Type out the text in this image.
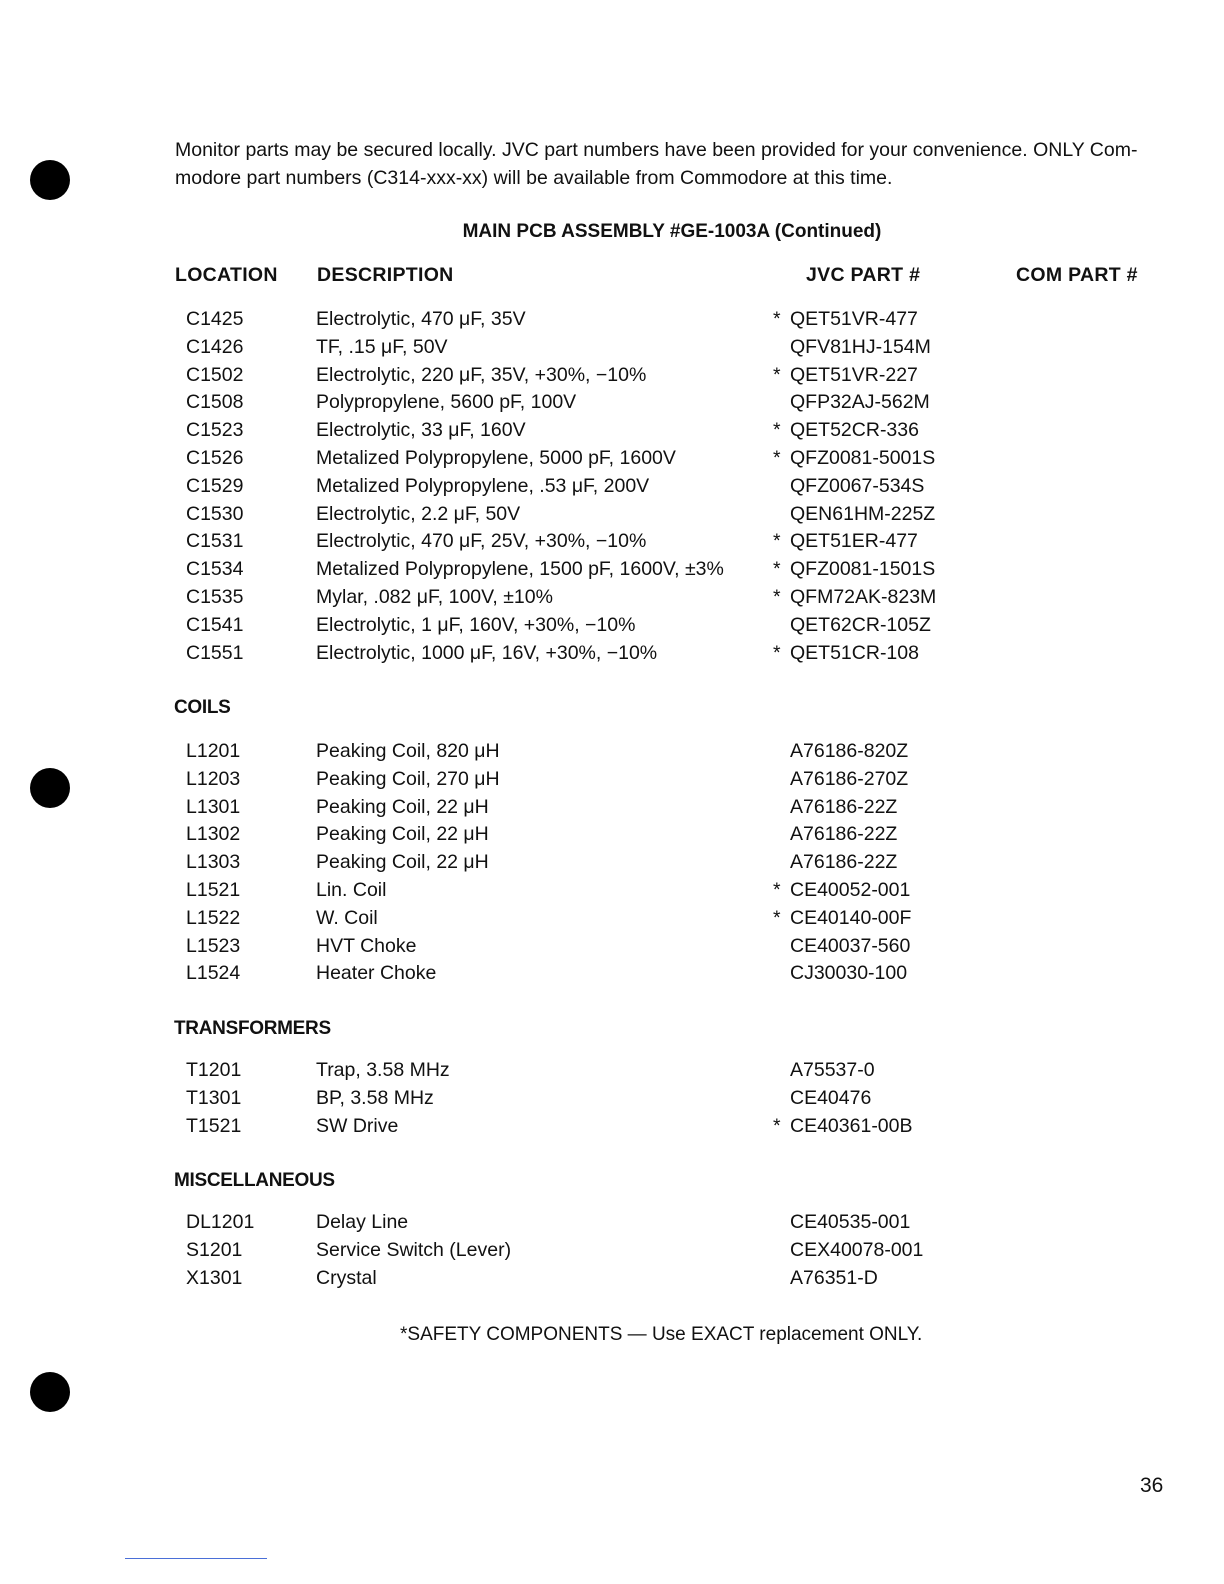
Monitor parts may be secured locally. JVC part numbers have been provided for your convenience. ONLY Com-

modore part numbers (C314-xxx-xx) will be available from Commodore at this time.

MAIN PCB ASSEMBLY #GE-1003A (Continued)
LOCATION DESCRIPTION	JVC PART #	COM PART #
C1425	Electrolytic, 470 μF, 35V	* QET51VR-477
C1426	TF, .15 μF, 50V	QFV81HJ-154M
C1502	Electrolytic, 220 μF, 35V, +30%, −10%	* QET51VR-227
C1508	Polypropylene, 5600 pF, 100V	QFP32AJ-562M
C1523	Electrolytic, 33 μF, 160V	* QET52CR-336
C1526	Metalized Polypropylene, 5000 pF, 1600V	* QFZ0081-5001S
C1529	Metalized Polypropylene, .53 μF, 200V	QFZ0067-534S
C1530	Electrolytic, 2.2 μF, 50V	QEN61HM-225Z
C1531	Electrolytic, 470 μF, 25V, +30%, −10%	* QET51ER-477
C1534	Metalized Polypropylene, 1500 pF, 1600V, ±3%	* QFZ0081-1501S
C1535	Mylar, .082 μF, 100V, ±10%	* QFM72AK-823M
C1541	Electrolytic, 1 μF, 160V, +30%, −10%	QET62CR-105Z
C1551	Electrolytic, 1000 μF, 16V, +30%, −10%	* QET51CR-108
COILS
L1201	Peaking Coil, 820 μH	A76186-820Z
L1203	Peaking Coil, 270 μH	A76186-270Z
L1301	Peaking Coil, 22 μH	A76186-22Z
L1302	Peaking Coil, 22 μH	A76186-22Z
L1303	Peaking Coil, 22 μH	A76186-22Z
L1521	Lin. Coil	* CE40052-001
L1522	W. Coil	* CE40140-00F
L1523	HVT Choke	CE40037-560
L1524	Heater Choke	CJ30030-100
TRANSFORMERS
T1201	Trap, 3.58 MHz	A75537-0
T1301	BP, 3.58 MHz	CE40476
T1521	SW Drive	* CE40361-00B
MISCELLANEOUS
DL1201	Delay Line	CE40535-001
S1201	Service Switch (Lever)	CEX40078-001
X1301	Crystal	A76351-D
*SAFETY COMPONENTS — Use EXACT replacement ONLY.
36
